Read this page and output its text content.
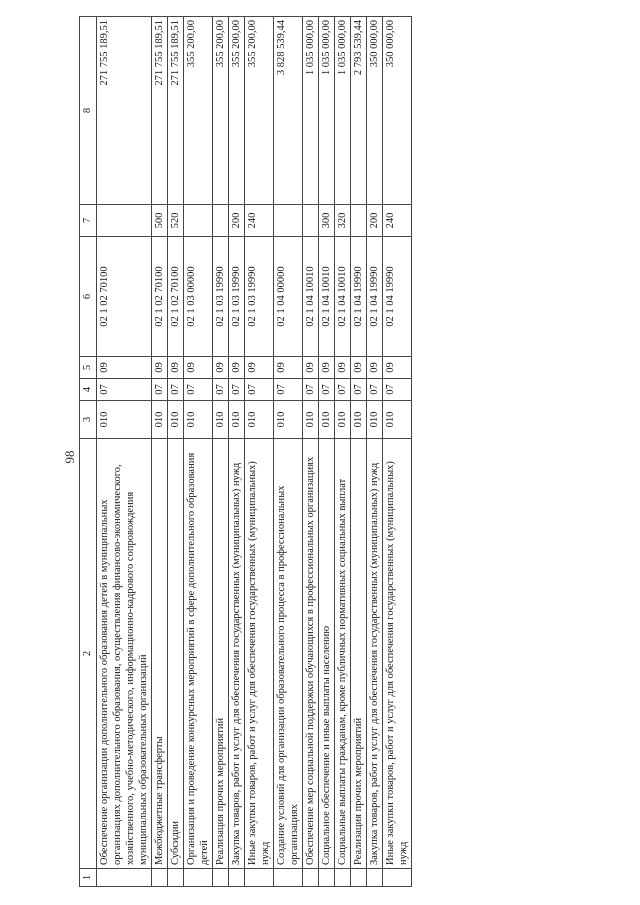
98
1	2	3	4	5	6	7	8
	Обеспечение организации дополнительного образования детей в муниципальных организациях дополнительного образования, осуществления финансово-экономического, хозяйственного, учебно-методического, информационно-кадрового сопровождения муниципальных образовательных организаций	010	07	09	02 1 02 70100		271 755 189,51
	Межбюджетные трансферты	010	07	09	02 1 02 70100	500	271 755 189,51
	Субсидии	010	07	09	02 1 02 70100	520	271 755 189,51
	Организация и проведение конкурсных мероприятий в сфере дополнительного образования детей	010	07	09	02 1 03 00000		355 200,00
	Реализация прочих мероприятий	010	07	09	02 1 03 19990		355 200,00
	Закупка товаров, работ и услуг для обеспечения государственных (муниципальных) нужд	010	07	09	02 1 03 19990	200	355 200,00
	Иные закупки товаров, работ и услуг для обеспечения государственных (муниципальных) нужд	010	07	09	02 1 03 19990	240	355 200,00
	Создание условий для организации образовательного процесса в профессиональных организациях	010	07	09	02 1 04 00000		3 828 539,44
	Обеспечение мер социальной поддержки обучающихся в профессиональных организациях	010	07	09	02 1 04 10010		1 035 000,00
	Социальное обеспечение и иные выплаты населению	010	07	09	02 1 04 10010	300	1 035 000,00
	Социальные выплаты гражданам, кроме публичных нормативных социальных выплат	010	07	09	02 1 04 10010	320	1 035 000,00
	Реализация прочих мероприятий	010	07	09	02 1 04 19990		2 793 539,44
	Закупка товаров, работ и услуг для обеспечения государственных (муниципальных) нужд	010	07	09	02 1 04 19990	200	350 000,00
	Иные закупки товаров, работ и услуг для обеспечения государственных (муниципальных) нужд	010	07	09	02 1 04 19990	240	350 000,00
